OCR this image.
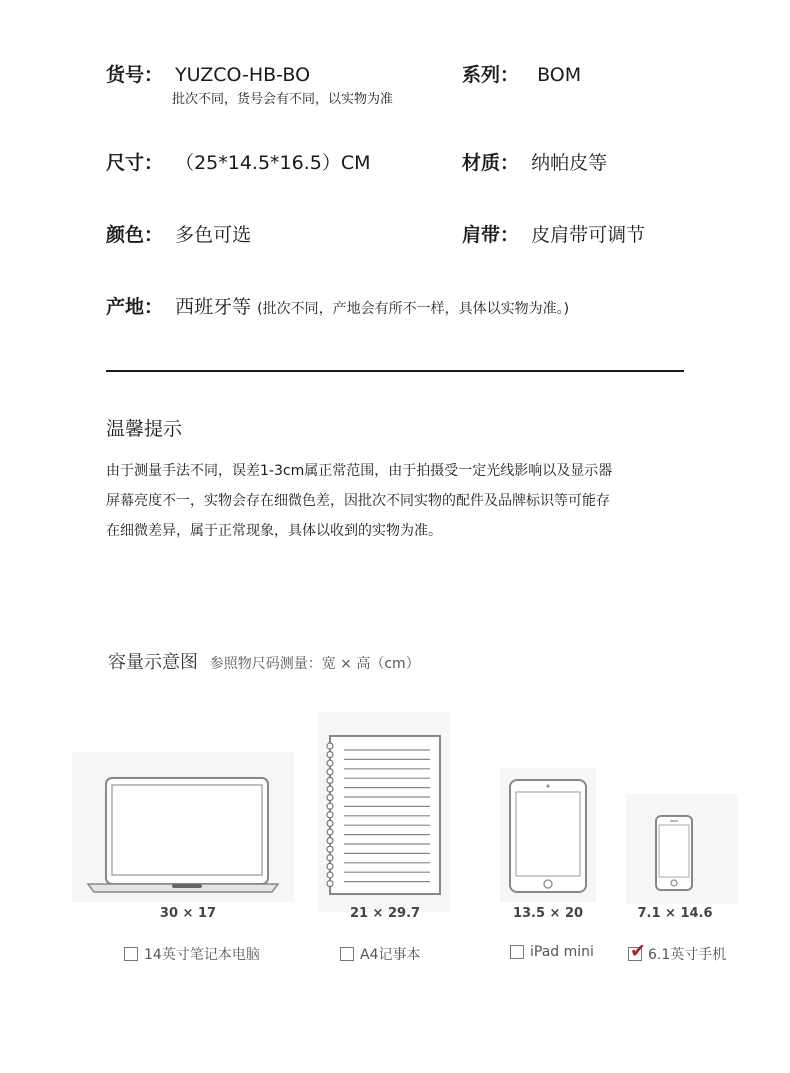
货号： YUZCO-HB-BO
批次不同，货号会有不同，以实物为准
系列： BOM
尺寸： （25*14.5*16.5）CM	材质： 纳帕皮等
颜色： 多色可选	肩带： 皮肩带可调节
产地： 西班牙等 (批次不同，产地会有所不一样，具体以实物为准。)
温馨提示
由于测量手法不同，误差1-3cm属正常范围，由于拍摄受一定光线影响以及显示器
屏幕亮度不一，实物会存在细微色差，因批次不同实物的配件及品牌标识等可能存
在细微差异，属于正常现象，具体以收到的实物为准。
容量示意图 参照物尺码测量：宽 × 高（cm）
30 × 17
14英寸笔记本电脑
21 × 29.7
A4记事本
13.5 × 20
iPad mini
7.1 × 14.6
✔ 6.1英寸手机
